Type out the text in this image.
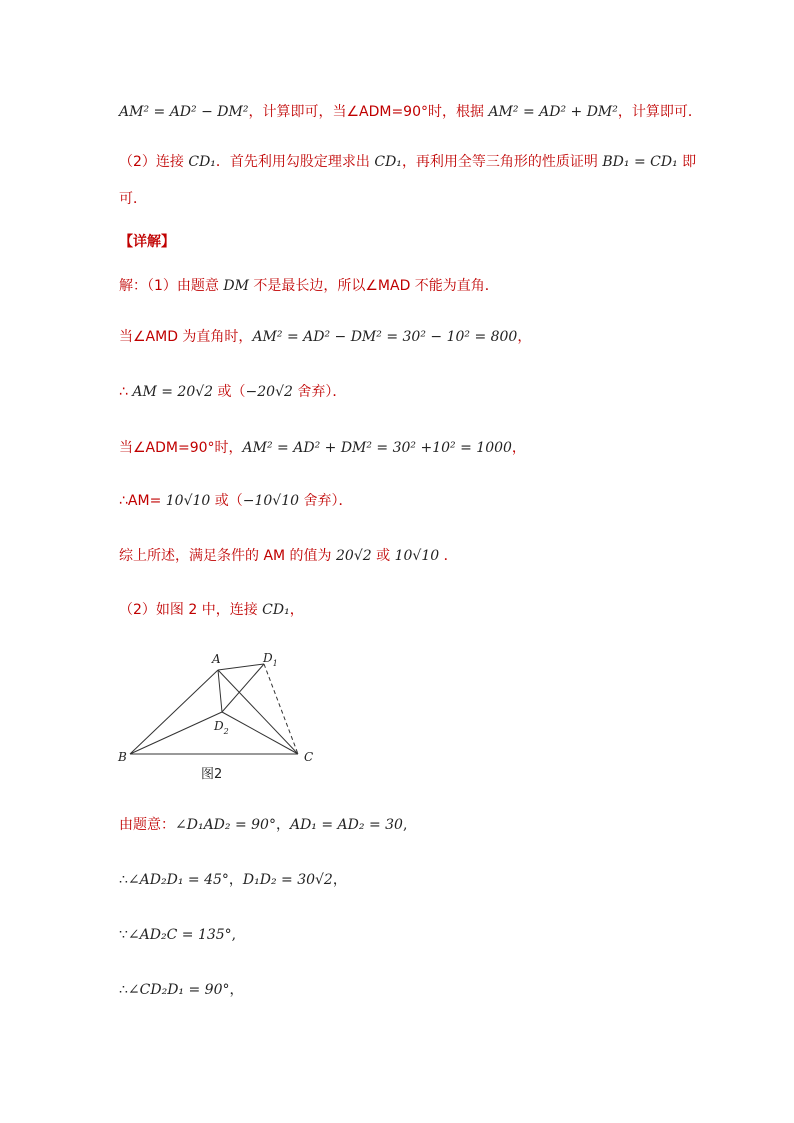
AM² = AD² − DM²，计算即可，当∠ADM=90°时，根据 AM² = AD² + DM²，计算即可．
（2）连接 CD₁．首先利用勾股定理求出 CD₁，再利用全等三角形的性质证明 BD₁ = CD₁ 即
可．
【详解】
解：（1）由题意 DM 不是最长边，所以∠MAD 不能为直角．
当∠AMD 为直角时，AM² = AD² − DM² = 30² − 10² = 800，
∴ AM = 20√2 或（−20√2 舍弃）．
当∠ADM=90°时，AM² = AD² + DM² = 30² +10² = 1000，
∴AM= 10√10 或（−10√10 舍弃）．
综上所述，满足条件的 AM 的值为 20√2 或 10√10 ．
（2）如图 2 中，连接 CD₁，
由题意：∠D₁AD₂ = 90°，AD₁ = AD₂ = 30,
∴∠AD₂D₁ = 45°，D₁D₂ = 30√2，
∵∠AD₂C = 135°,
∴∠CD₂D₁ = 90°，
A	$D_1$
$D_2$
B	C
图2
